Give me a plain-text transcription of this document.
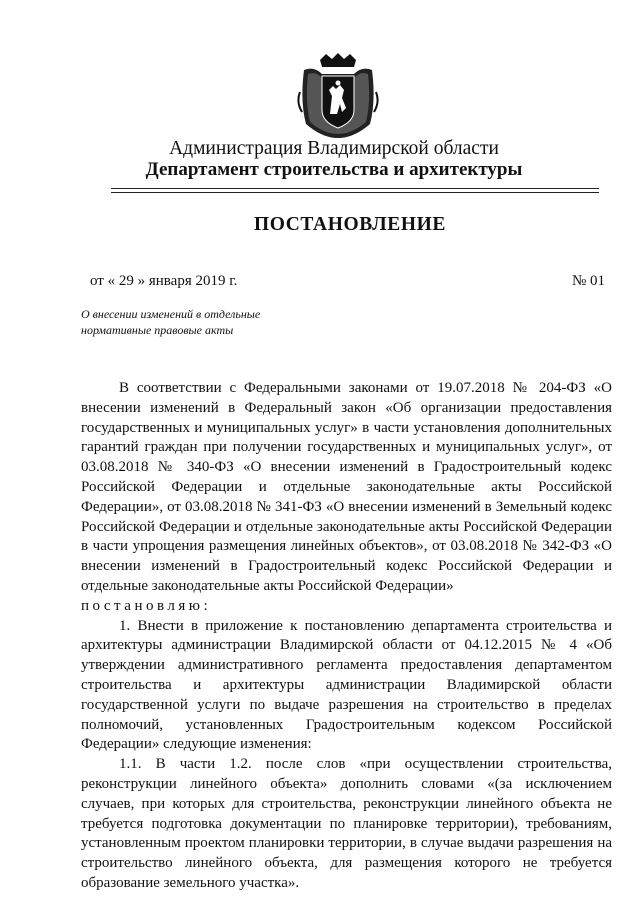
Администрация Владимирской области
Департамент строительства и архитектуры
ПОСТАНОВЛЕНИЕ
от « 29 » января 2019 г.	№ 01
О внесении изменений в отдельные нормативные правовые акты

В соответствии с Федеральными законами от 19.07.2018 № 204-ФЗ «О внесении изменений в Федеральный закон «Об организации предоставления государственных и муниципальных услуг» в части установления дополнительных гарантий граждан при получении государственных и муниципальных услуг», от 03.08.2018 № 340-ФЗ «О внесении изменений в Градостроительный кодекс Российской Федерации и отдельные законодательные акты Российской Федерации», от 03.08.2018 № 341-ФЗ «О внесении изменений в Земельный кодекс Российской Федерации и отдельные законодательные акты Российской Федерации в части упрощения размещения линейных объектов», от 03.08.2018 № 342-ФЗ «О внесении изменений в Градостроительный кодекс Российской Федерации и отдельные законодательные акты Российской Федерации»
постановляю:

1. Внести в приложение к постановлению департамента строительства и архитектуры администрации Владимирской области от 04.12.2015 № 4 «Об утверждении административного регламента предоставления департаментом строительства и архитектуры администрации Владимирской области государственной услуги по выдаче разрешения на строительство в пределах полномочий, установленных Градостроительным кодексом Российской Федерации» следующие изменения:

1.1. В части 1.2. после слов «при осуществлении строительства, реконструкции линейного объекта» дополнить словами «(за исключением случаев, при которых для строительства, реконструкции линейного объекта не требуется подготовка документации по планировке территории), требованиям, установленным проектом планировки территории, в случае выдачи разрешения на строительство линейного объекта, для размещения которого не требуется образование земельного участка».
